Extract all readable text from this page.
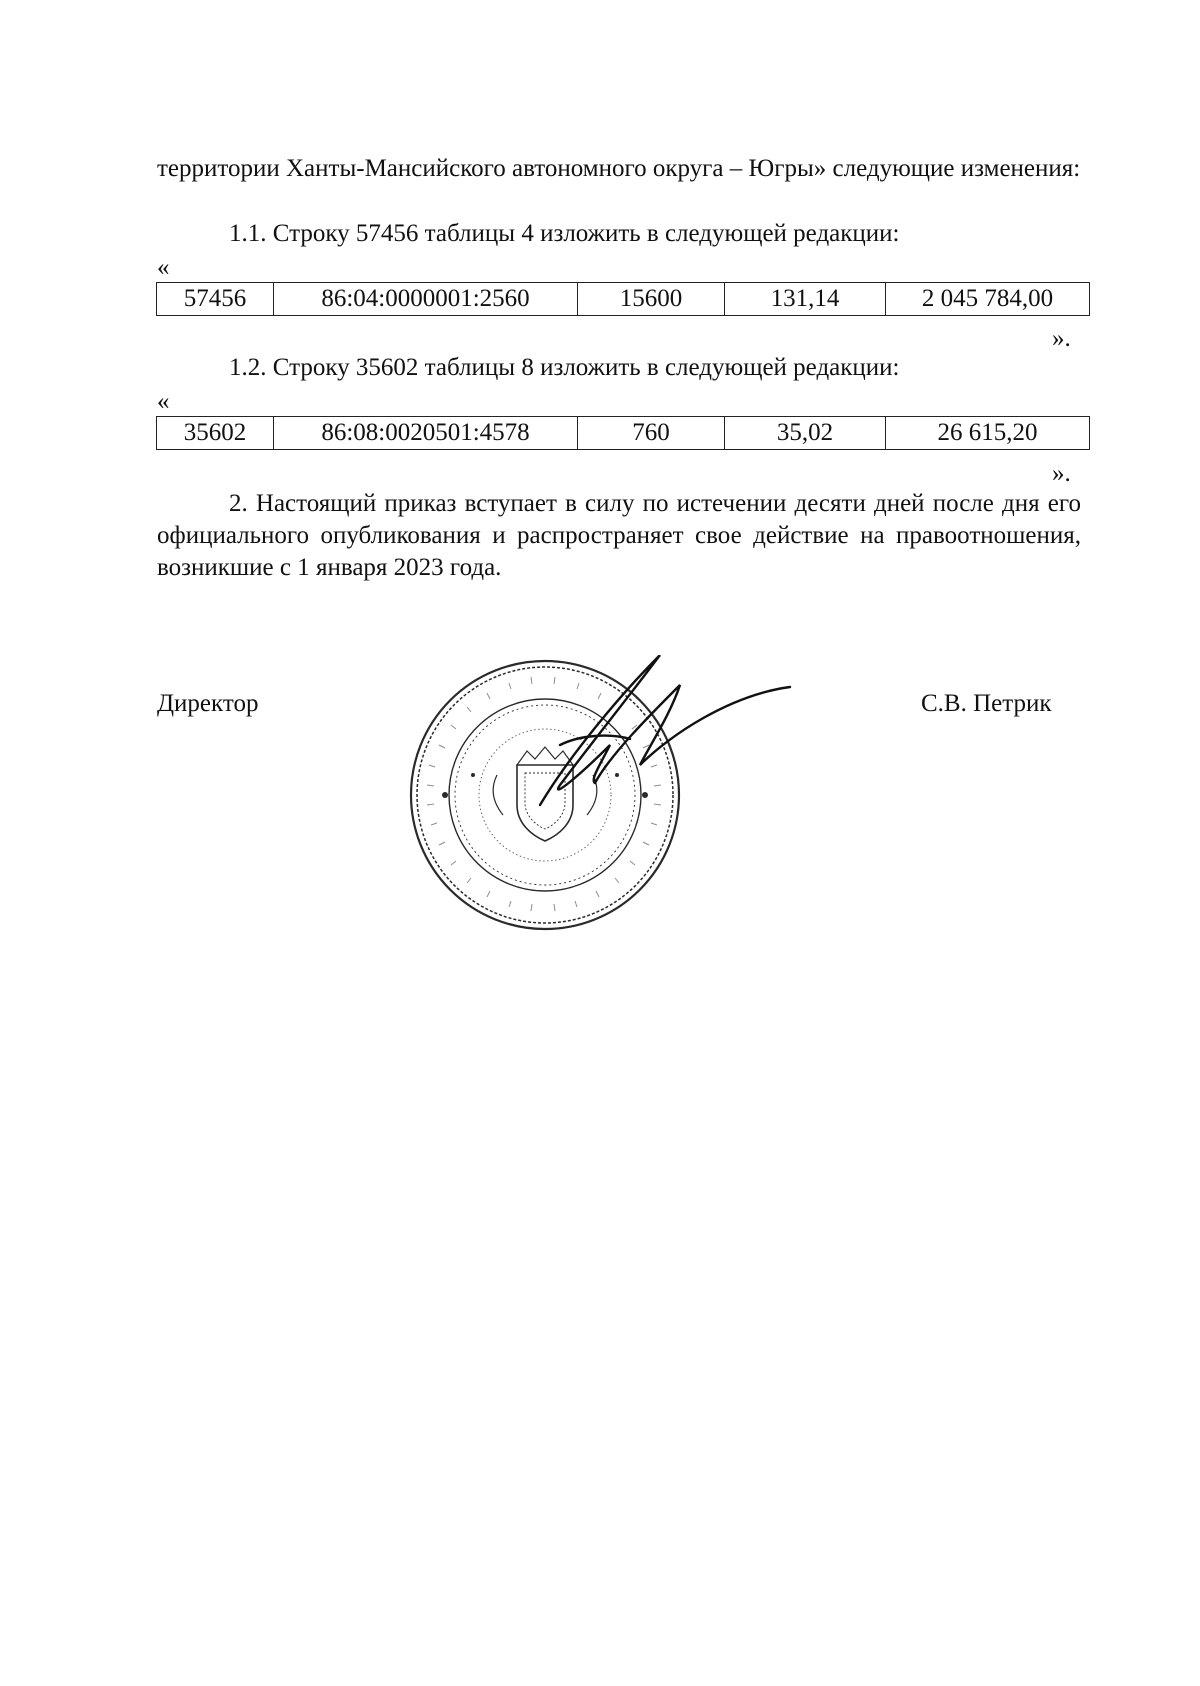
территории Ханты-Мансийского автономного округа – Югры» следующие изменения:
1.1. Строку 57456 таблицы 4 изложить в следующей редакции:
«
57456	86:04:0000001:2560	15600	131,14	2 045 784,00
».
1.2. Строку 35602 таблицы 8 изложить в следующей редакции:
«
35602	86:08:0020501:4578	760	35,02	26 615,20
».
2. Настоящий приказ вступает в силу по истечении десяти дней после дня его официального опубликования и распространяет свое действие на правоотношения, возникшие с 1 января 2023 года.
Директор	С.В. Петрик
